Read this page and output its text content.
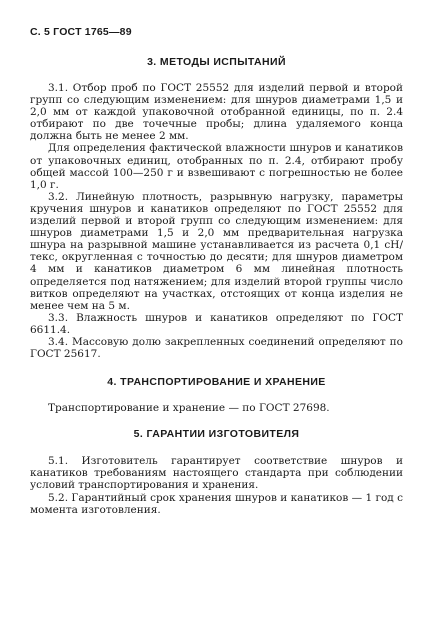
С. 5 ГОСТ 1765—89
3. МЕТОДЫ ИСПЫТАНИЙ

3.1. Отбор проб по ГОСТ 25552 для изделий первой и второй групп со следующим изменением: для шнуров диаметрами 1,5 и 2,0 мм от каждой упаковочной отобранной единицы, по п. 2.4 отбирают по две точечные пробы; длина удаляемого конца должна быть не менее 2 мм.

Для определения фактической влажности шнуров и канатиков от упаковочных единиц, отобранных по п. 2.4, отбирают пробу общей массой 100—250 г и взвешивают с погрешностью не более 1,0 г.

3.2. Линейную плотность, разрывную нагрузку, параметры кручения шнуров и канатиков определяют по ГОСТ 25552 для изделий первой и второй групп со следующим изменением: для шнуров диаметрами 1,5 и 2,0 мм предварительная нагрузка шнура на разрывной машине устанавливается из расчета 0,1 сН/текс, округленная с точностью до десяти; для шнуров диаметром 4 мм и канатиков диаметром 6 мм линейная плотность определяется под натяжением; для изделий второй группы число витков определяют на участках, отстоящих от конца изделия не менее чем на 5 м.

3.3. Влажность шнуров и канатиков определяют по ГОСТ 6611.4.

3.4. Массовую долю закрепленных соединений определяют по ГОСТ 25617.

4. ТРАНСПОРТИРОВАНИЕ И ХРАНЕНИЕ

Транспортирование и хранение — по ГОСТ 27698.

5. ГАРАНТИИ ИЗГОТОВИТЕЛЯ

5.1. Изготовитель гарантирует соответствие шнуров и канатиков требованиям настоящего стандарта при соблюдении условий транспортирования и хранения.

5.2. Гарантийный срок хранения шнуров и канатиков — 1 год с момента изготовления.
